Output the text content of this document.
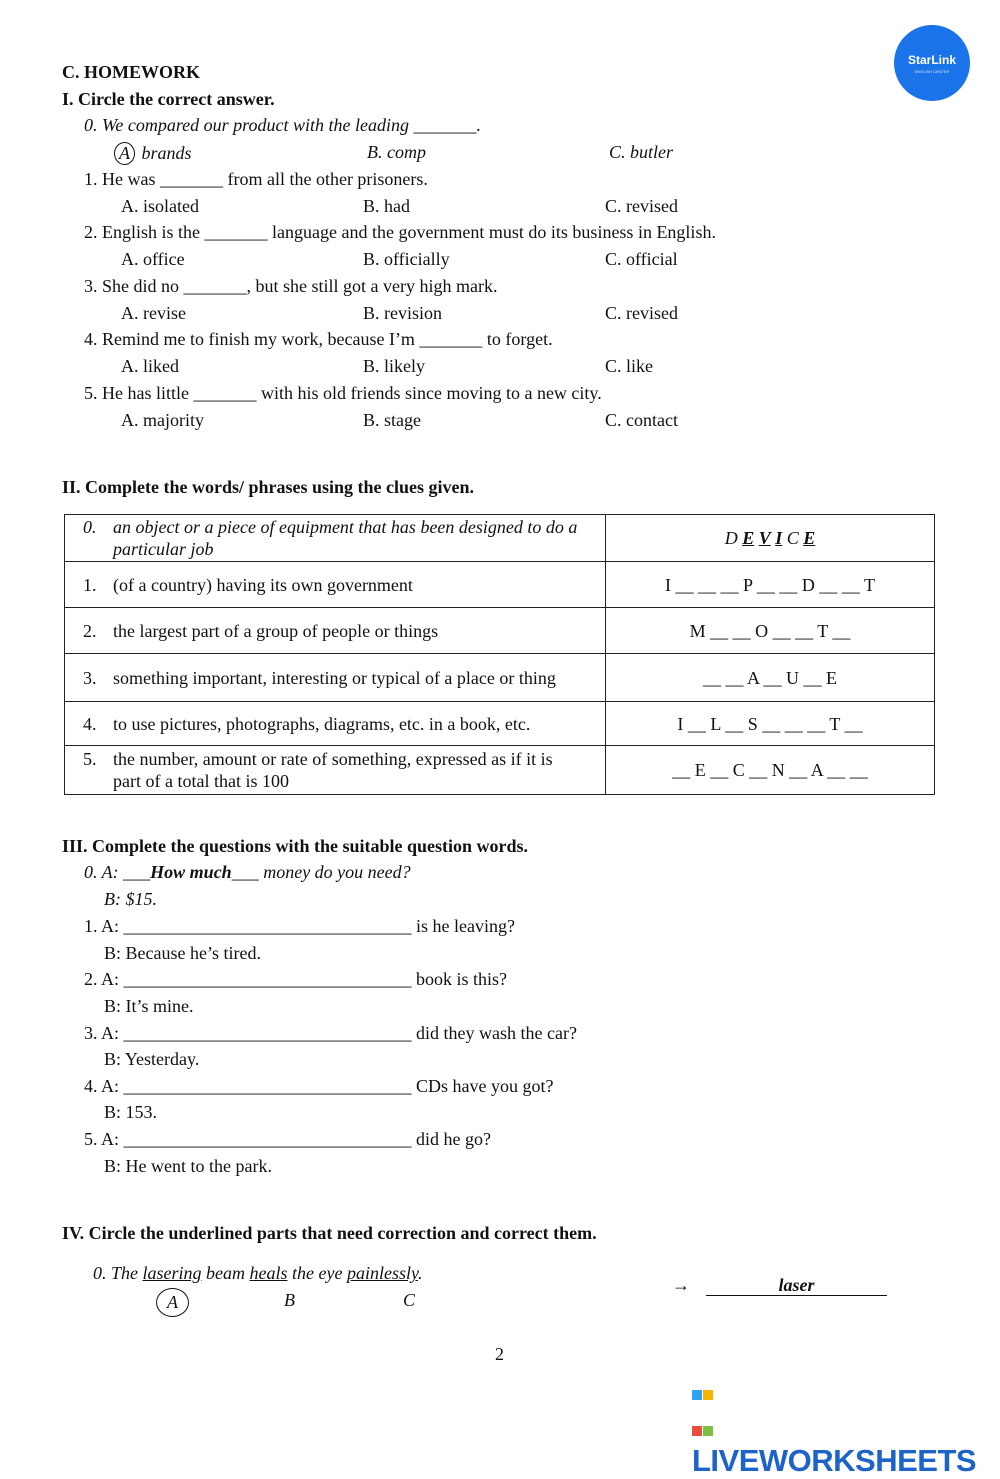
StarLink
ENGLISH CENTER
C. HOMEWORK
I. Circle the correct answer.
0. We compared our product with the leading _______.
A brands	B. comp	C. butler
1. He was _______ from all the other prisoners.
A. isolated	B. had	C. revised
2. English is the _______ language and the government must do its business in English.
A. office	B. officially	C. official
3. She did no _______, but she still got a very high mark.
A. revise	B. revision	C. revised
4. Remind me to finish my work, because I’m _______ to forget.
A. liked	B. likely	C. like
5. He has little _______ with his old friends since moving to a new city.
A. majority	B. stage	C. contact
II. Complete the words/ phrases using the clues given.
0. an object or a piece of equipment that has been designed to do a particular job	D E V I C E
1. (of a country) having its own government	I __ __ __ P __ __ D __ __ T
2. the largest part of a group of people or things	M __ __ O __ __ T __
3. something important, interesting or typical of a place or thing	__ __ A __ U __ E
4. to use pictures, photographs, diagrams, etc. in a book, etc.	I __ L __ S __ __ __ T __
5. the number, amount or rate of something, expressed as if it is part of a total that is 100	__ E __ C __ N __ A __ __
III. Complete the questions with the suitable question words.
0. A: ___How much___ money do you need?
B: $15.
1. A: ________________________________ is he leaving?
B: Because he’s tired.
2. A: ________________________________ book is this?
B: It’s mine.
3. A: ________________________________ did they wash the car?
B: Yesterday.
4. A: ________________________________ CDs have you got?
B: 153.
5. A: ________________________________ did he go?
B: He went to the park.
IV. Circle the underlined parts that need correction and correct them.
0. The lasering beam heals the eye painlessly.
A	B	C
→	laser
2
LIVEWORKSHEETS
